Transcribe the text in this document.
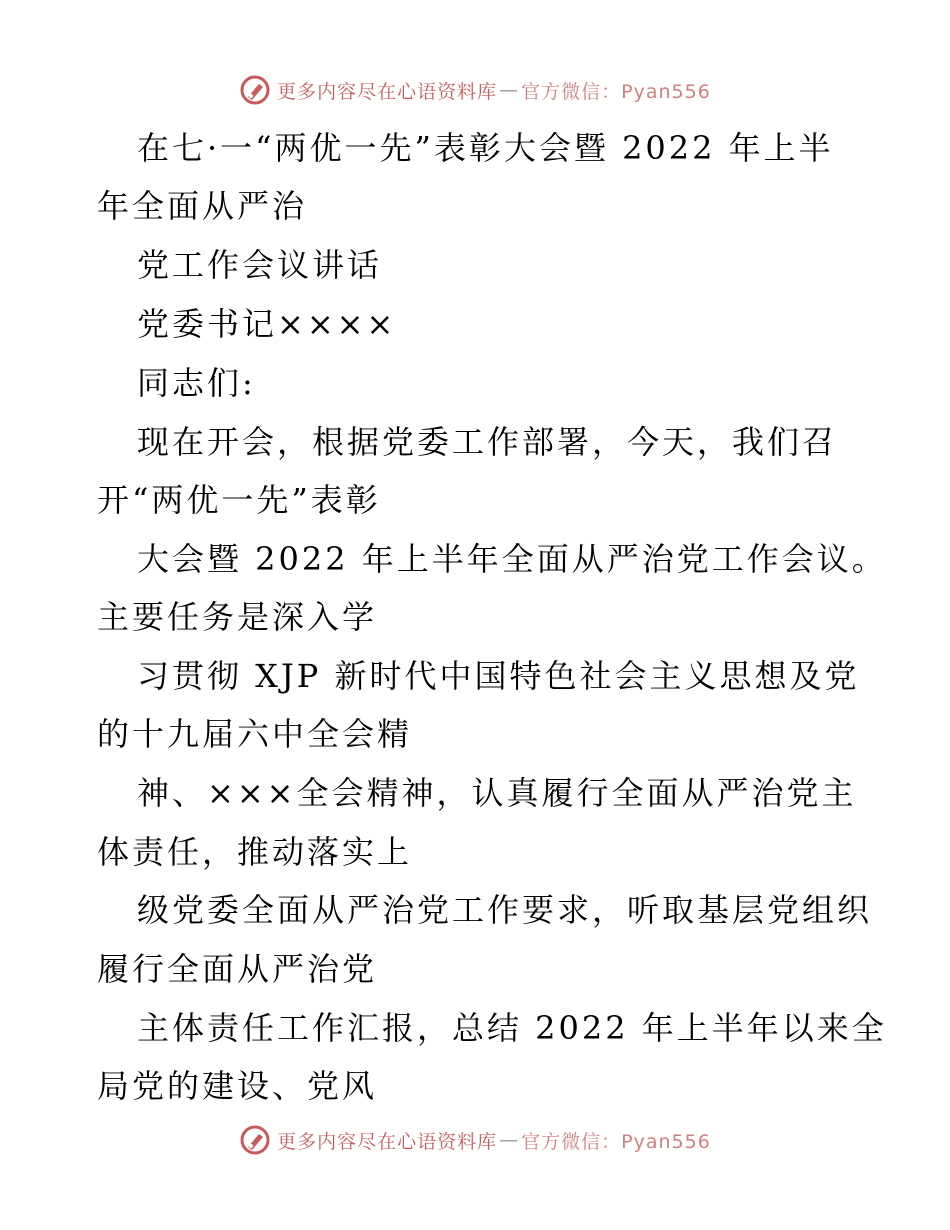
更多内容尽在心语资料库 — 官方微信：Pyan556
在七·一“两优一先”表彰大会暨 2022 年上半
年全面从严治
党工作会议讲话
党委书记××××
同志们:
现在开会，根据党委工作部署，今天，我们召
开“两优一先”表彰
大会暨 2022 年上半年全面从严治党工作会议。
主要任务是深入学
习贯彻 XJP 新时代中国特色社会主义思想及党
的十九届六中全会精
神、×××全会精神，认真履行全面从严治党主
体责任，推动落实上
级党委全面从严治党工作要求，听取基层党组织
履行全面从严治党
主体责任工作汇报，总结 2022 年上半年以来全
局党的建设、党风
更多内容尽在心语资料库 — 官方微信：Pyan556
